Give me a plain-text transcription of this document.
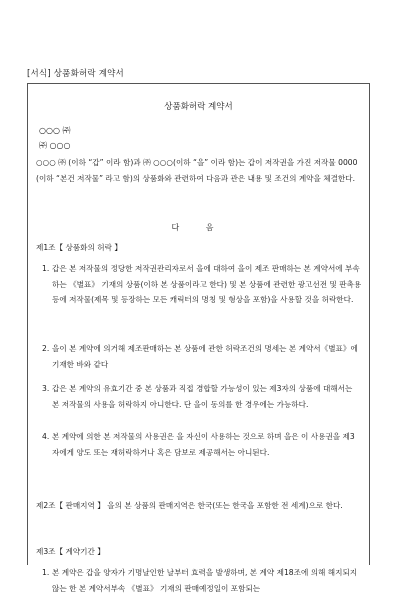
[서식] 상품화허락 계약서
상품화허락 계약서
○○○ ㈜
㈜ ○○○

○○○ ㈜ (이하 “갑” 이라 함)과 ㈜ ○○○(이하 “을” 이라 함)는 갑이 저작권을 가진 저작물 0000 (이하 “본건 저작물” 라고 함)의 상품화와 관련하여 다음과 관은 내용 및 조건의 계약을 체결한다.

다 음
제1조【 상품화의 허락 】
1. 갑은 본 저작물의 정당한 저작권관리자로서 을에 대하여 을이 제조 판매하는 본 계약서에 부속하는 《별표》 기재의 상품(이하 본 상품이라고 한다) 및 본 상품에 관련한 광고선전 및 판촉용 등에 저작물(제목 및 등장하는 모든 캐릭터의 명칭 및 형상을 포함)을 사용할 것을 허락한다.
2. 을이 본 계약에 의거해 제조판매하는 본 상품에 관한 허락조건의 명세는 본 계약서《별표》에 기재한 바와 같다
3. 갑은 본 계약의 유효기간 중 본 상품과 직접 경합할 가능성이 있는 제3자의 상품에 대해서는 본 저작물의 사용을 허락하지 아니한다. 단 을이 동의를 한 경우에는 가능하다.
4. 본 계약에 의한 본 저작물의 사용권은 을 자신이 사용하는 것으로 하며 을은 이 사용권을 제3자에게 양도 또는 재허락하거나 혹은 담보로 제공해서는 아니된다.
제2조【 판매지역 】 을의 본 상품의 판매지역은 한국(또는 한국을 포함한 전 세계)으로 한다.
제3조【 계약기간 】
1. 본 계약은 갑을 양자가 기명날인한 날부터 효력을 발생하며, 본 계약 제18조에 의해 해지되지 않는 한 본 계약서부속 《별표》 기재의 판매예정일이 포함되는
